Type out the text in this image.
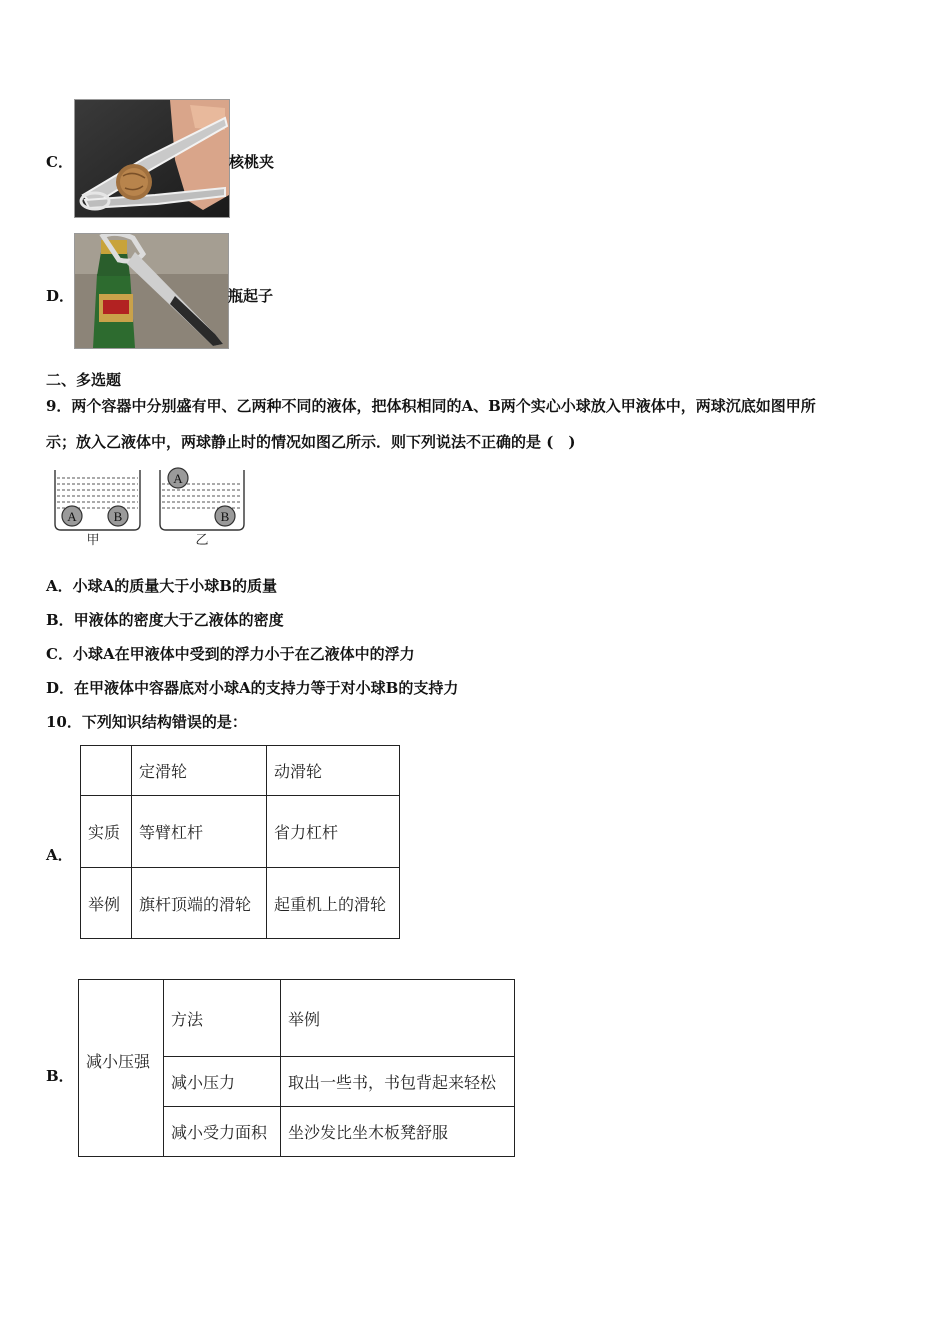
C．	核桃夹
D．	瓶起子
二、多选题
9．两个容器中分别盛有甲、乙两种不同的液体，把体积相同的A、B两个实心小球放入甲液体中，两球沉底如图甲所
示；放入乙液体中，两球静止时的情况如图乙所示．则下列说法不正确的是 (　)
A	B
甲
A
B
乙
A．小球A的质量大于小球B的质量
B．甲液体的密度大于乙液体的密度
C．小球A在甲液体中受到的浮力小于在乙液体中的浮力
D．在甲液体中容器底对小球A的支持力等于对小球B的支持力
10．下列知识结构错误的是：
A．
	定滑轮	动滑轮
实质	等臂杠杆	省力杠杆
举例	旗杆顶端的滑轮	起重机上的滑轮
B．
减小压强	方法	举例
	减小压力	取出一些书，书包背起来轻松
	减小受力面积	坐沙发比坐木板凳舒服
